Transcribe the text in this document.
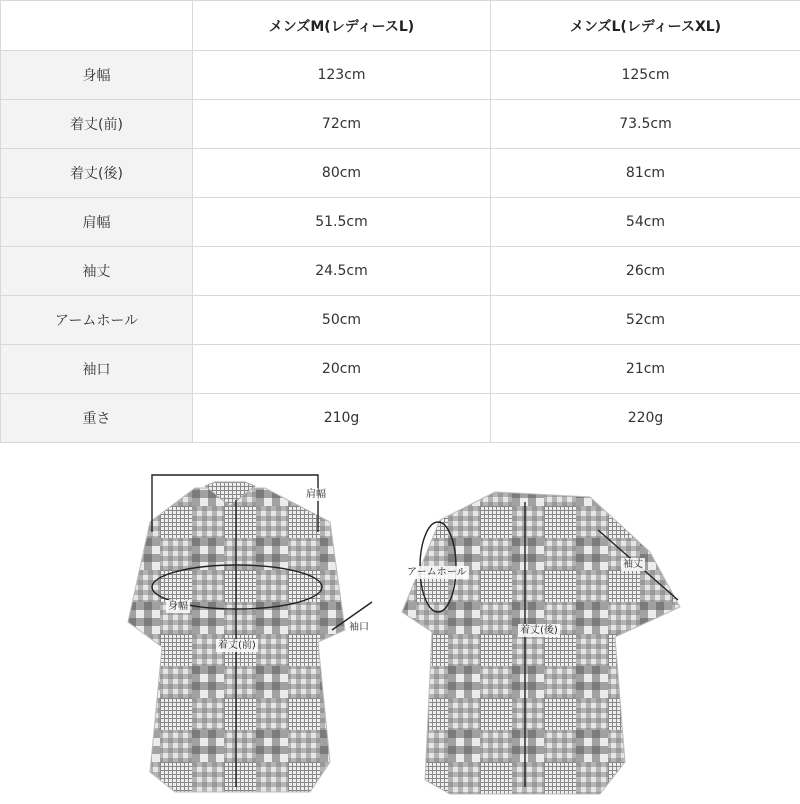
	メンズM(レディースL)	メンズL(レディースXL)
身幅	123cm	125cm
着丈(前)	72cm	73.5cm
着丈(後)	80cm	81cm
肩幅	51.5cm	54cm
袖丈	24.5cm	26cm
アームホール	50cm	52cm
袖口	20cm	21cm
重さ	210g	220g
肩幅
身幅
袖口
着丈(前)
アームホール
袖丈
着丈(後)
